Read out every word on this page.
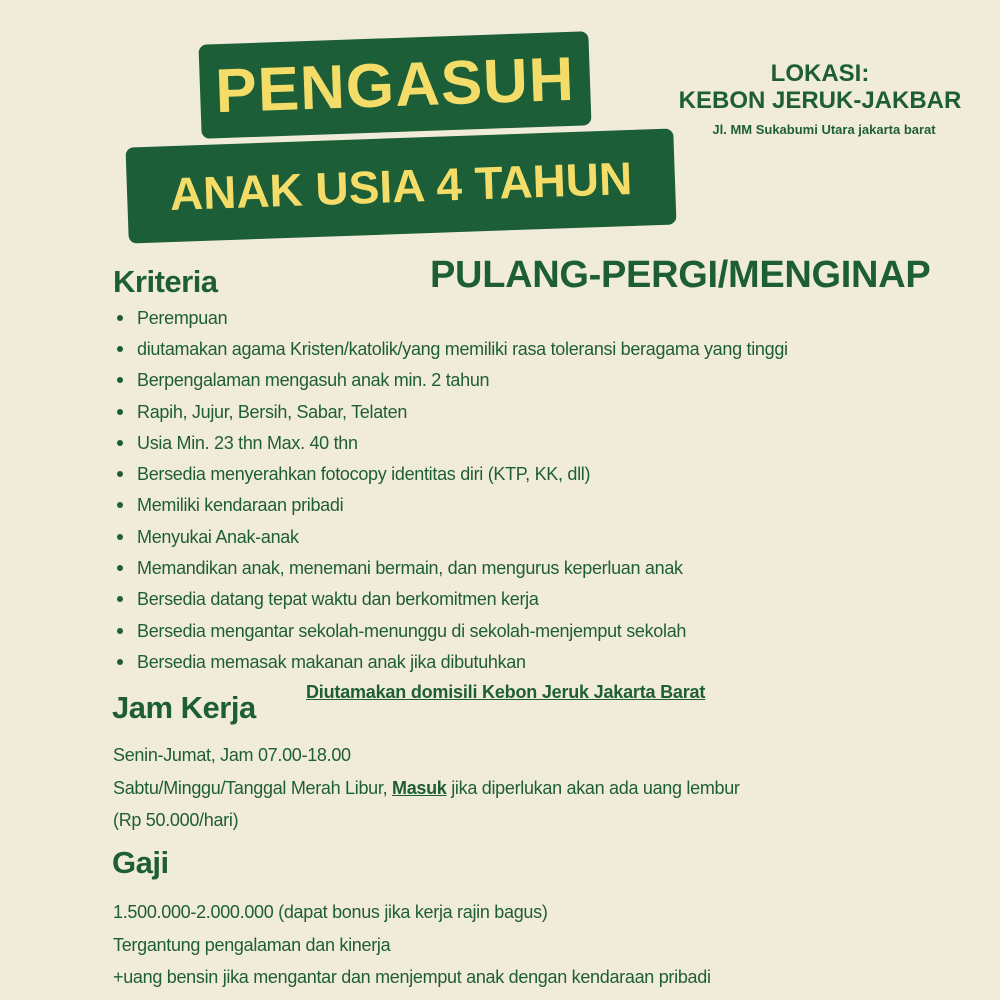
PENGASUH
ANAK USIA 4 TAHUN
LOKASI:
KEBON JERUK-JAKBAR
Jl. MM Sukabumi Utara jakarta barat
PULANG-PERGI/MENGINAP
Kriteria
Perempuan
diutamakan agama Kristen/katolik/yang memiliki rasa toleransi beragama yang tinggi
Berpengalaman mengasuh anak min. 2 tahun
Rapih, Jujur, Bersih, Sabar, Telaten
Usia Min. 23 thn Max. 40 thn
Bersedia menyerahkan fotocopy identitas diri (KTP, KK, dll)
Memiliki kendaraan pribadi
Menyukai Anak-anak
Memandikan anak, menemani bermain, dan mengurus keperluan anak
Bersedia datang tepat waktu dan berkomitmen kerja
Bersedia mengantar sekolah-menunggu di sekolah-menjemput sekolah
Bersedia memasak makanan anak jika dibutuhkan
Diutamakan domisili Kebon Jeruk Jakarta Barat
Jam Kerja
Senin-Jumat, Jam 07.00-18.00
Sabtu/Minggu/Tanggal Merah Libur, Masuk jika diperlukan akan ada uang lembur
(Rp 50.000/hari)
Gaji
1.500.000-2.000.000 (dapat bonus jika kerja rajin bagus)
Tergantung pengalaman dan kinerja
+uang bensin jika mengantar dan menjemput anak dengan kendaraan pribadi
